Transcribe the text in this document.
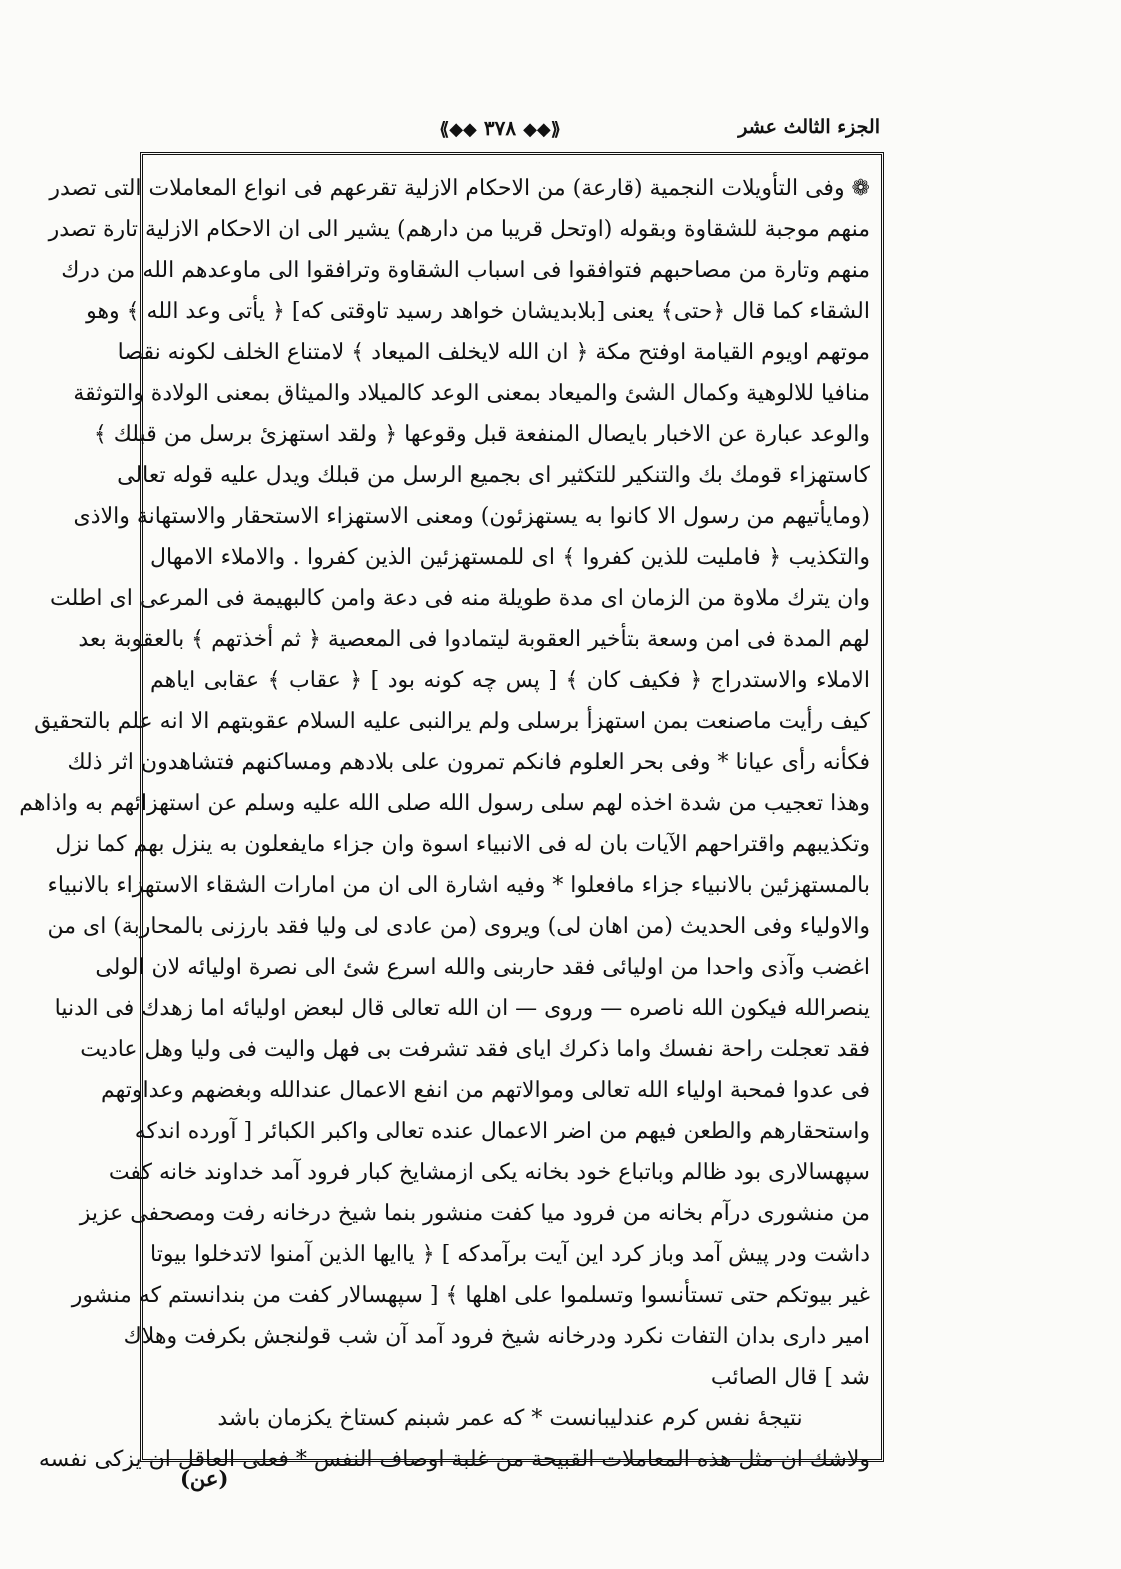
الجزء الثالث عشر
⟪◆◆ ٣٧٨ ◆◆⟫
❁ وفى التأويلات النجمية (قارعة) من الاحكام الازلية تقرعهم فى انواع المعاملات التى تصدر
منهم موجبة للشقاوة وبقوله (اوتحل قريبا من دارهم) يشير الى ان الاحكام الازلية تارة تصدر
منهم وتارة من مصاحبهم فتوافقوا فى اسباب الشقاوة وترافقوا الى ماوعدهم الله من درك
الشقاء كما قال ﴿حتى﴾ يعنى [بلابديشان خواهد رسيد تاوقتى كه] ﴿ يأتى وعد الله ﴾ وهو
موتهم اويوم القيامة اوفتح مكة ﴿ ان الله لايخلف الميعاد ﴾ لامتناع الخلف لكونه نقصا
منافيا للالوهية وكمال الشئ والميعاد بمعنى الوعد كالميلاد والميثاق بمعنى الولادة والتوثقة
والوعد عبارة عن الاخبار بايصال المنفعة قبل وقوعها ﴿ ولقد استهزئ برسل من قبلك ﴾
كاستهزاء قومك بك والتنكير للتكثير اى بجميع الرسل من قبلك ويدل عليه قوله تعالى
(ومايأتيهم من رسول الا كانوا به يستهزئون) ومعنى الاستهزاء الاستحقار والاستهانة والاذى
والتكذيب ﴿ فامليت للذين كفروا ﴾ اى للمستهزئين الذين كفروا . والاملاء الامهال
وان يترك ملاوة من الزمان اى مدة طويلة منه فى دعة وامن كالبهيمة فى المرعى اى اطلت
لهم المدة فى امن وسعة بتأخير العقوبة ليتمادوا فى المعصية ﴿ ثم أخذتهم ﴾ بالعقوبة بعد
الاملاء والاستدراج ﴿ فكيف كان ﴾ [ پس چه كونه بود ] ﴿ عقاب ﴾ عقابى اياهم
كيف رأيت ماصنعت بمن استهزأ برسلى ولم يرالنبى عليه السلام عقوبتهم الا انه علم بالتحقيق
فكأنه رأى عيانا * وفى بحر العلوم فانكم تمرون على بلادهم ومساكنهم فتشاهدون اثر ذلك
وهذا تعجيب من شدة اخذه لهم سلى رسول الله صلى الله عليه وسلم عن استهزائهم به واذاهم
وتكذيبهم واقتراحهم الآيات بان له فى الانبياء اسوة وان جزاء مايفعلون به ينزل بهم كما نزل
بالمستهزئين بالانبياء جزاء مافعلوا * وفيه اشارة الى ان من امارات الشقاء الاستهزاء بالانبياء
والاولياء وفى الحديث (من اهان لى) ويروى (من عادى لى وليا فقد بارزنى بالمحاربة) اى من
اغضب وآذى واحدا من اوليائى فقد حاربنى والله اسرع شئ الى نصرة اوليائه لان الولى
ينصرالله فيكون الله ناصره — وروى — ان الله تعالى قال لبعض اوليائه اما زهدك فى الدنيا
فقد تعجلت راحة نفسك واما ذكرك اياى فقد تشرفت بى فهل واليت فى وليا وهل عاديت
فى عدوا فمحبة اولياء الله تعالى وموالاتهم من انفع الاعمال عندالله وبغضهم وعداوتهم
واستحقارهم والطعن فيهم من اضر الاعمال عنده تعالى واكبر الكبائر [ آورده اندكه
سپهسالارى بود ظالم وباتباع خود بخانه يكى ازمشايخ كبار فرود آمد خداوند خانه كفت
من منشورى درآم بخانه من فرود ميا كفت منشور بنما شيخ درخانه رفت ومصحفى عزيز
داشت ودر پيش آمد وباز كرد اين آيت برآمدكه ] ﴿ ياايها الذين آمنوا لاتدخلوا بيوتا
غير بيوتكم حتى تستأنسوا وتسلموا على اهلها ﴾ [ سپهسالار كفت من بندانستم كه منشور
امير دارى بدان التفات نكرد ودرخانه شيخ فرود آمد آن شب قولنجش بكرفت وهلاك
شد ] قال الصائب
نتيجهٔ نفس كرم عندليبانست * كه عمر شبنم كستاخ يكزمان باشد
ولاشك ان مثل هذه المعاملات القبيحة من غلبة اوصاف النفس * فعلى العاقل ان يزكى نفسه
(عن)
